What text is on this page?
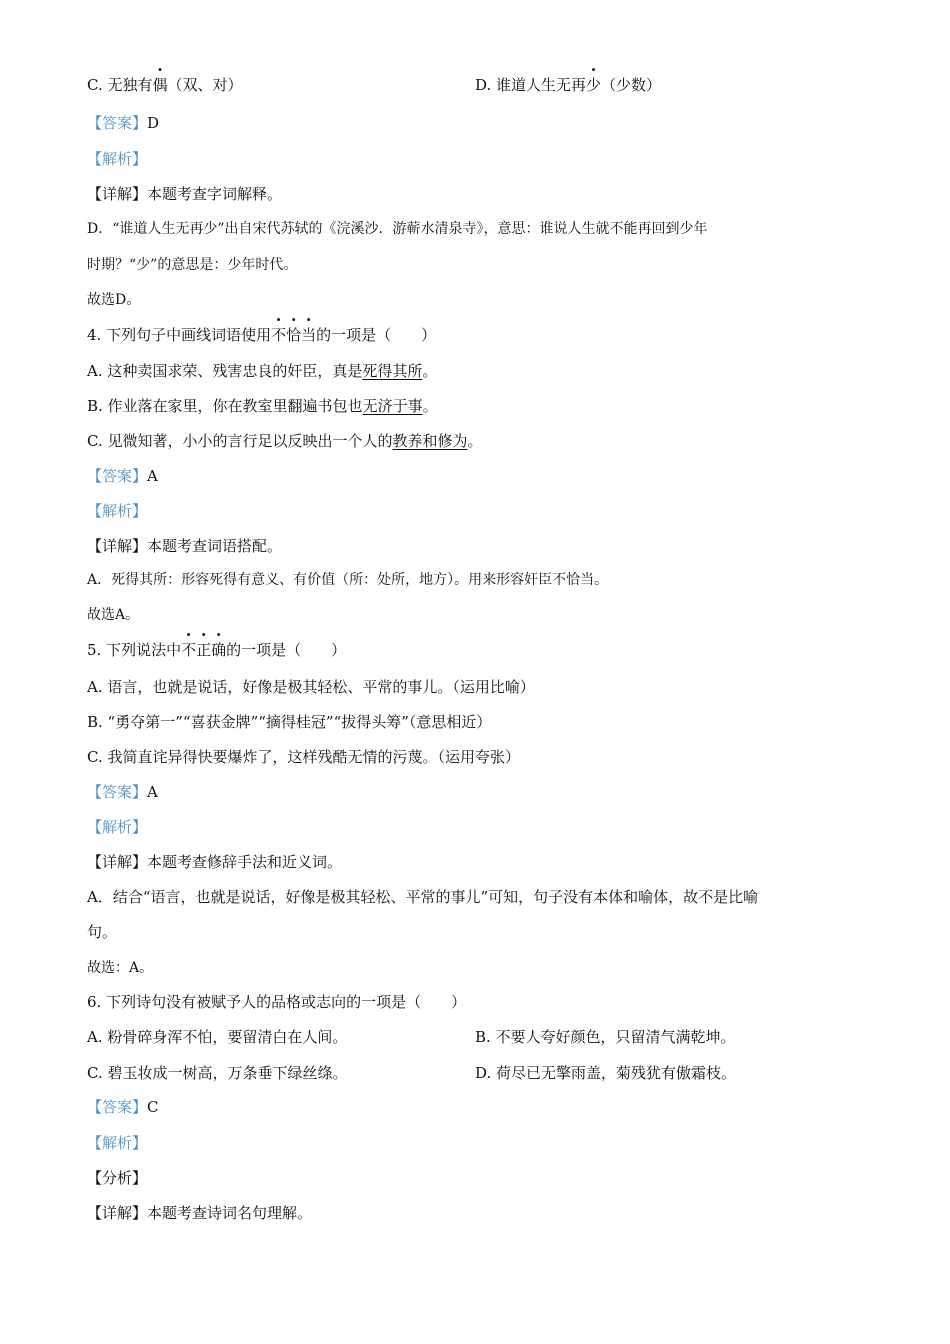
C. 无独有偶（双、对）	D. 谁道人生无再少（少数）
【答案】D
【解析】
【详解】本题考查字词解释。
D．“谁道人生无再少”出自宋代苏轼的《浣溪沙．游蕲水清泉寺》，意思：谁说人生就不能再回到少年
时期？“少”的意思是：少年时代。
故选D。
4. 下列句子中画线词语使用不恰当的一项是（　　）
A. 这种卖国求荣、残害忠良的奸臣，真是死得其所。
B. 作业落在家里，你在教室里翻遍书包也无济于事。
C. 见微知著，小小的言行足以反映出一个人的教养和修为。
【答案】A
【解析】
【详解】本题考查词语搭配。
A．死得其所：形容死得有意义、有价值（所：处所，地方）。用来形容奸臣不恰当。
故选A。
5. 下列说法中不正确的一项是（　　）
A. 语言，也就是说话，好像是极其轻松、平常的事儿。（运用比喻）
B. “勇夺第一”“喜获金牌”“摘得桂冠”“拔得头筹”（意思相近）
C. 我简直诧异得快要爆炸了，这样残酷无情的污蔑。（运用夸张）
【答案】A
【解析】
【详解】本题考查修辞手法和近义词。
A．结合“语言，也就是说话，好像是极其轻松、平常的事儿”可知，句子没有本体和喻体，故不是比喻
句。
故选：A。
6. 下列诗句没有被赋予人的品格或志向的一项是（　　）
A. 粉骨碎身浑不怕，要留清白在人间。	B. 不要人夸好颜色，只留清气满乾坤。
C. 碧玉妆成一树高，万条垂下绿丝绦。	D. 荷尽已无擎雨盖，菊残犹有傲霜枝。
【答案】C
【解析】
【分析】
【详解】本题考查诗词名句理解。
